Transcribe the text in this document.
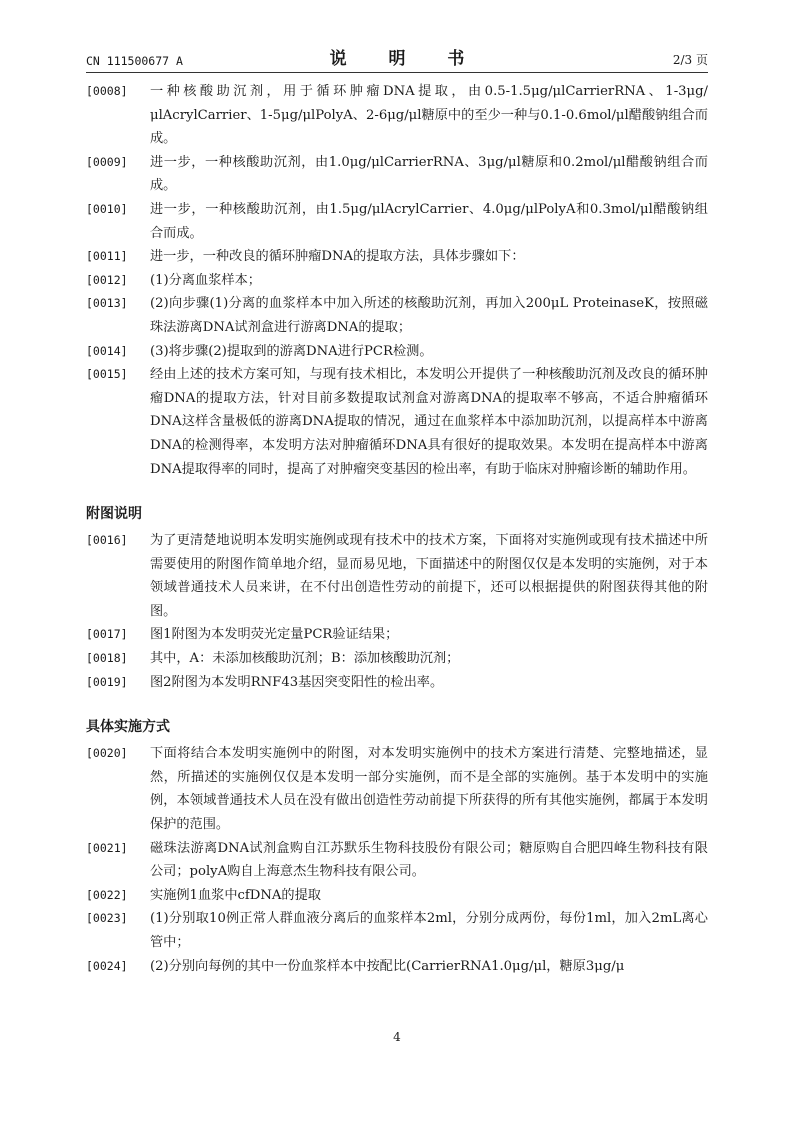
CN 111500677 A	说 明 书	2/3 页
[0008]	一种核酸助沉剂，用于循环肿瘤DNA提取，由0.5-1.5μg/μlCarrierRNA、1-3μg/μlAcrylCarrier、1-5μg/μlPolyA、2-6μg/μl糖原中的至少一种与0.1-0.6mol/μl醋酸钠组合而成。
[0009]	进一步，一种核酸助沉剂，由1.0μg/μlCarrierRNA、3μg/μl糖原和0.2mol/μl醋酸钠组合而成。
[0010]	进一步，一种核酸助沉剂，由1.5μg/μlAcrylCarrier、4.0μg/μlPolyA和0.3mol/μl醋酸钠组合而成。
[0011]	进一步，一种改良的循环肿瘤DNA的提取方法，具体步骤如下：
[0012]	(1)分离血浆样本；
[0013]	(2)向步骤(1)分离的血浆样本中加入所述的核酸助沉剂，再加入200μL ProteinaseK，按照磁珠法游离DNA试剂盒进行游离DNA的提取；
[0014]	(3)将步骤(2)提取到的游离DNA进行PCR检测。
[0015]	经由上述的技术方案可知，与现有技术相比，本发明公开提供了一种核酸助沉剂及改良的循环肿瘤DNA的提取方法，针对目前多数提取试剂盒对游离DNA的提取率不够高，不适合肿瘤循环DNA这样含量极低的游离DNA提取的情况，通过在血浆样本中添加助沉剂，以提高样本中游离DNA的检测得率，本发明方法对肿瘤循环DNA具有很好的提取效果。本发明在提高样本中游离DNA提取得率的同时，提高了对肿瘤突变基因的检出率，有助于临床对肿瘤诊断的辅助作用。
附图说明
[0016]	为了更清楚地说明本发明实施例或现有技术中的技术方案，下面将对实施例或现有技术描述中所需要使用的附图作简单地介绍，显而易见地，下面描述中的附图仅仅是本发明的实施例，对于本领域普通技术人员来讲，在不付出创造性劳动的前提下，还可以根据提供的附图获得其他的附图。
[0017]	图1附图为本发明荧光定量PCR验证结果；
[0018]	其中，A：未添加核酸助沉剂；B：添加核酸助沉剂；
[0019]	图2附图为本发明RNF43基因突变阳性的检出率。
具体实施方式
[0020]	下面将结合本发明实施例中的附图，对本发明实施例中的技术方案进行清楚、完整地描述，显然，所描述的实施例仅仅是本发明一部分实施例，而不是全部的实施例。基于本发明中的实施例，本领域普通技术人员在没有做出创造性劳动前提下所获得的所有其他实施例，都属于本发明保护的范围。
[0021]	磁珠法游离DNA试剂盒购自江苏默乐生物科技股份有限公司；糖原购自合肥四峰生物科技有限公司；polyA购自上海意杰生物科技有限公司。
[0022]	实施例1血浆中cfDNA的提取
[0023]	(1)分别取10例正常人群血液分离后的血浆样本2ml，分别分成两份，每份1ml，加入2mL离心管中；
[0024]	(2)分别向每例的其中一份血浆样本中按配比(CarrierRNA1.0μg/μl，糖原3μg/μ
4
